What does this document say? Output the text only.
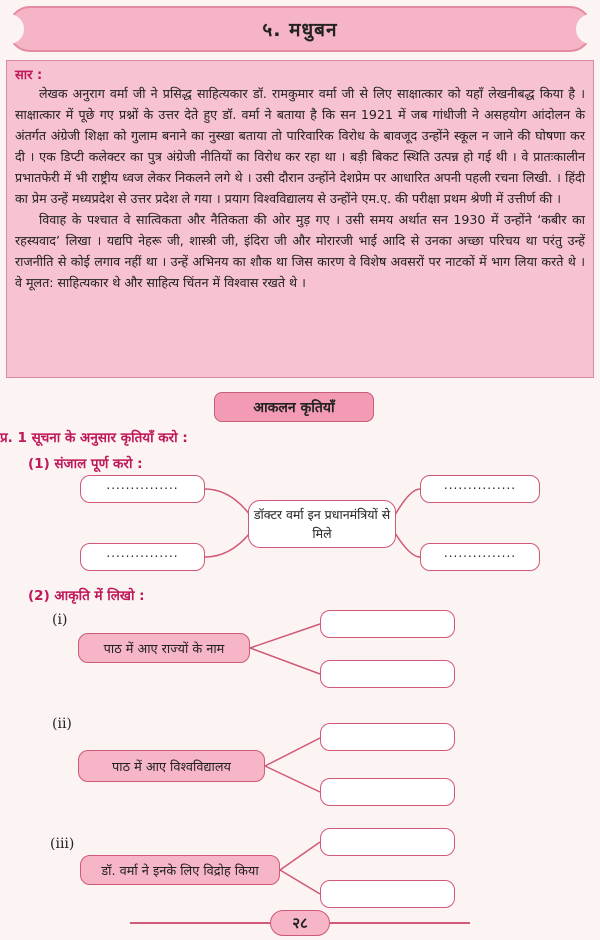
५. मधुबन
सार :

लेखक अनुराग वर्मा जी ने प्रसिद्ध साहित्यकार डॉ. रामकुमार वर्मा जी से लिए साक्षात्कार को यहाँ लेखनीबद्ध किया है । साक्षात्कार में पूछे गए प्रश्नों के उत्तर देते हुए डॉ. वर्मा ने बताया है कि सन 1921 में जब गांधीजी ने असहयोग आंदोलन के अंतर्गत अंग्रेजी शिक्षा को गुलाम बनाने का नुस्खा बताया तो पारिवारिक विरोध के बावजूद उन्होंने स्कूल न जाने की घोषणा कर दी । एक डिप्टी कलेक्टर का पुत्र अंग्रेजी नीतियों का विरोध कर रहा था । बड़ी बिकट स्थिति उत्पन्न हो गई थी । वे प्रातःकालीन प्रभातफेरी में भी राष्ट्रीय ध्वज लेकर निकलने लगे थे । उसी दौरान उन्होंने देशप्रेम पर आधारित अपनी पहली रचना लिखी. । हिंदी का प्रेम उन्हें मध्यप्रदेश से उत्तर प्रदेश ले गया । प्रयाग विश्वविद्यालय से उन्होंने एम.ए. की परीक्षा प्रथम श्रेणी में उत्तीर्ण की ।

विवाह के पश्चात वे सात्विकता और नैतिकता की ओर मुड़ गए । उसी समय अर्थात सन 1930 में उन्होंने ‘कबीर का रहस्यवाद’ लिखा । यद्यपि नेहरू जी, शास्त्री जी, इंदिरा जी और मोरारजी भाई आदि से उनका अच्छा परिचय था परंतु उन्हें राजनीति से कोई लगाव नहीं था । उन्हें अभिनय का शौक था जिस कारण वे विशेष अवसरों पर नाटकों में भाग लिया करते थे । वे मूलत: साहित्यकार थे और साहित्य चिंतन में विश्वास रखते थे ।

आकलन कृतियाँ
प्र. 1 सूचना के अनुसार कृतियाँ करो :
(1) संजाल पूर्ण करो :
...............
...............
...............
...............
डॉक्टर वर्मा इन प्रधानमंत्रियों से मिले
(2) आकृति में लिखो :
(i)
पाठ में आए राज्यों के नाम
(ii)
पाठ में आए विश्वविद्यालय
(iii)
डॉ. वर्मा ने इनके लिए विद्रोह किया
२८
